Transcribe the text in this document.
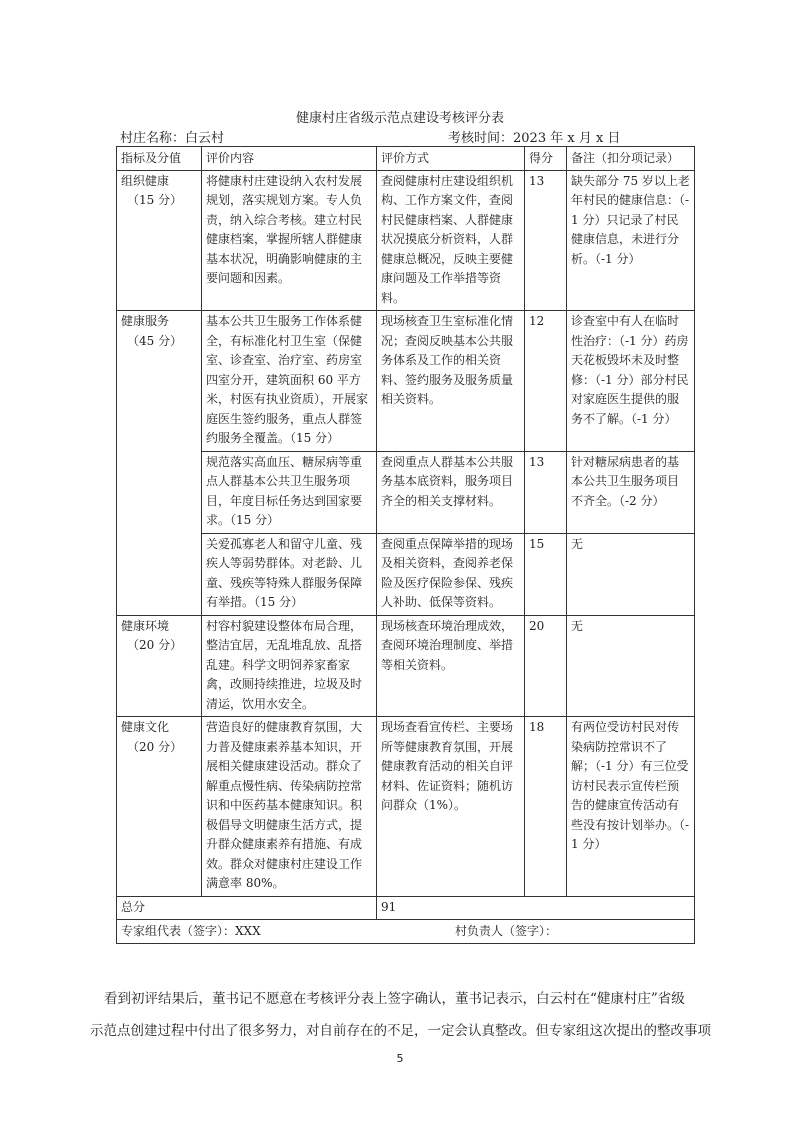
健康村庄省级示范点建设考核评分表
村庄名称：白云村	考核时间：2023 年 x 月 x 日
指标及分值	评价内容	评价方式	得分	备注（扣分项记录）

组织健康
（15 分）	将健康村庄建设纳入农村发展规划，落实规划方案。专人负责，纳入综合考核。建立村民健康档案，掌握所辖人群健康基本状况，明确影响健康的主要问题和因素。	查阅健康村庄建设组织机构、工作方案文件，查阅村民健康档案、人群健康状况摸底分析资料，人群健康总概况，反映主要健康问题及工作举措等资料。	13	缺失部分 75 岁以上老年村民的健康信息：（-1 分）只记录了村民健康信息，未进行分析。（-1 分）

健康服务
（45 分）	基本公共卫生服务工作体系健全，有标准化村卫生室（保健室、诊查室、治疗室、药房室四室分开，建筑面积 60 平方米，村医有执业资质），开展家庭医生签约服务，重点人群签约服务全覆盖。（15 分）	现场核查卫生室标准化情况；查阅反映基本公共服务体系及工作的相关资料、签约服务及服务质量相关资料。	12	诊查室中有人在临时性治疗：（-1 分）药房天花板毁坏未及时整修：（-1 分）部分村民对家庭医生提供的服务不了解。（-1 分）
	规范落实高血压、糖尿病等重点人群基本公共卫生服务项目，年度目标任务达到国家要求。（15 分）	查阅重点人群基本公共服务基本底资料，服务项目齐全的相关支撑材料。	13	针对糖尿病患者的基本公共卫生服务项目不齐全。（-2 分）
	关爱孤寡老人和留守儿童、残疾人等弱势群体。对老龄、儿童、残疾等特殊人群服务保障有举措。（15 分）	查阅重点保障举措的现场及相关资料，查阅养老保险及医疗保险参保、残疾人补助、低保等资料。	15	无

健康环境
（20 分）	村容村貌建设整体布局合理，整洁宜居，无乱堆乱放、乱搭乱建。科学文明饲养家畜家禽，改厕持续推进，垃圾及时清运，饮用水安全。	现场核查环境治理成效，查阅环境治理制度、举措等相关资料。	20	无

健康文化
（20 分）	营造良好的健康教育氛围，大力普及健康素养基本知识，开展相关健康建设活动。群众了解重点慢性病、传染病防控常识和中医药基本健康知识。积极倡导文明健康生活方式，提升群众健康素养有措施、有成效。群众对健康村庄建设工作满意率 80%。	现场查看宣传栏、主要场所等健康教育氛围，开展健康教育活动的相关自评材料、佐证资料；随机访问群众（1%）。	18	有两位受访村民对传染病防控常识不了解；（-1 分）有三位受访村民表示宣传栏预告的健康宣传活动有些没有按计划举办。（-1 分）
总分		91		
专家组代表（签字）：XXX 村负责人（签字）：				
看到初评结果后，董书记不愿意在考核评分表上签字确认，董书记表示，白云村在“健康村庄”省级
示范点创建过程中付出了很多努力，对自前存在的不足，一定会认真整改。但专家组这次提出的整改事项
5
